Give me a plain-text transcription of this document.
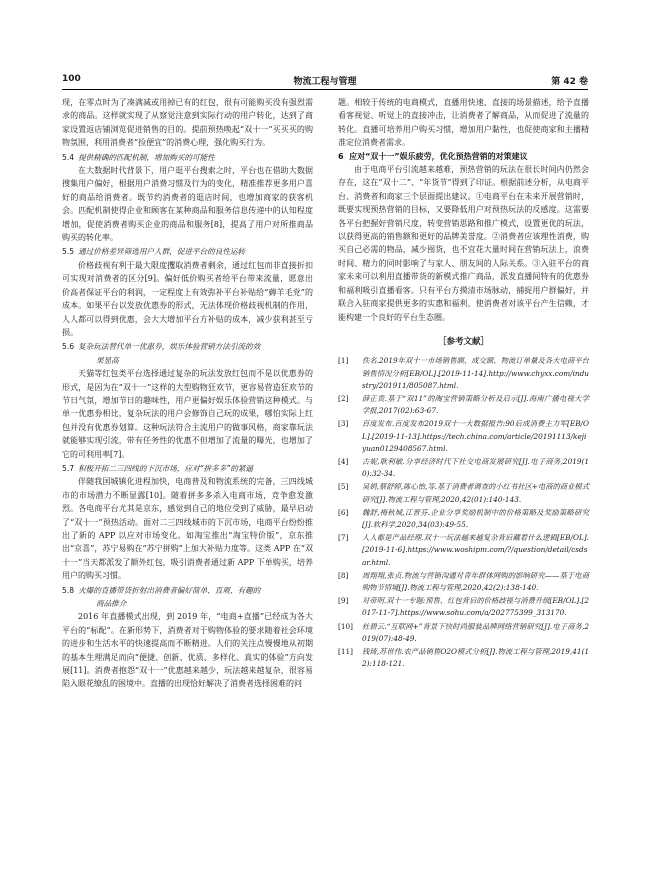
100	物流工程与管理	第 42 卷

现，在零点时为了凑满减或用掉已有的红包，很有可能购买没有强烈需求的商品。这样就实现了从察觉注意到实际行动的用户转化，达到了商家设置返店铺浏览促进销售的目的。提前预热唤起“双十一”买买买的购物氛围，利用消费者“捡便宜”的消费心理，强化购买行为。

5.4 提供精确的匹配机制，增加购买的可能性

在大数据时代背景下，用户逛平台搜索之时，平台也在借助大数据搜集用户偏好，根据用户消费习惯及行为的变化，精准推荐更多用户喜好的商品给消费者。既节约消费者的逛店时间，也增加商家的获客机会。匹配机制使得企业和顾客在某种商品和服务信息传递中的认知程度增加，促使消费者购买企业的商品和服务[8]，提高了用户对所推商品购买的转化率。

5.5 通过价格差异筛选用户人群，促进平台的良性运转

价格歧视有利于最大限度攫取消费者剩余，通过红包而非直接折扣可实现对消费者的区分[9]。偏好低价购买者给平台带来流量，愿意出价高者保证平台的利润，一定程度上有效弥补平台补贴给“薅羊毛党”的成本。如果平台以发放优惠券的形式，无法体现价格歧视机制的作用，人人都可以得到优惠，会大大增加平台方补贴的成本，减少获利甚至亏损。

5.6 复杂玩法替代单一优惠券，娱乐体验营销方法引流的效
果显高

天猫等红包类平台选择通过复杂的玩法发放红包而不是以优惠券的形式，是因为在“双十一”这样的大型购物狂欢节，更容易营造狂欢节的节日气氛，增加节日的趣味性，用户更偏好娱乐体验营销这种模式。与单一优惠券相比，复杂玩法的用户会修饰自己玩的成果，哪怕实际上红包并没有优惠券划算。这种玩法符合主流用户的做事风格，商家靠玩法就能够实现引流，带有任务性的优惠不但增加了流量的曝光，也增加了它的可利用率[7]。

5.7 积极开拓二三四线的下沉市场，应对“拼多多”的紧逼

伴随我国城镇化进程加快，电商普及和物流系统的完备，三四线城市的市场潜力不断显露[10]。随着拼多多杀入电商市场，竞争愈发激烈。各电商平台尤其是京东，感觉到自己的地位受到了威胁，最早启动了“双十一”预热活动。面对二三四线城市的下沉市场，电商平台纷纷推出了新的 APP 以应对市场变化。如淘宝推出“淘宝特价版”，京东推出“京喜”，苏宁易购在“苏宁拼购”上加大补贴力度等。这类 APP 在“双十一”当天都派发了额外红包，吸引消费者通过新 APP 下单购买，培养用户的购买习惯。

5.8 火爆的直播带货折射出消费者偏好简单、直观、有趣的
商品推介

2016 年直播模式出现，到 2019 年，“电商+直播”已经成为各大平台的“标配”。在新形势下，消费者对于购物体验的要求随着社会环境的进步和生活水平的快速提高而不断精进。人们的关注点慢慢地从初期的基本生理满足而向“便捷、创新、优质、多样化、真实的体验”方向发展[11]。消费者抱怨“双十一”优惠越来越少，玩法越来越复杂，很容易陷入眼花缭乱的困境中。直播的出现恰好解决了消费者选择困难的问

题。相较于传统的电商模式，直播用快速、直接的场景描述，给予直播看客视觉、听觉上的直接冲击，让消费者了解商品，从而促进了流量的转化。直播可培养用户购买习惯，增加用户黏性，也促使商家和主播精准定位消费者需求。

6 应对“双十一”娱乐疲劳，优化预热营销的对策建议

由于电商平台引流越来越难，预热营销的玩法在很长时间内仍然会存在，这在“双十二”、“年货节”得到了印证。根据前述分析，从电商平台、消费者和商家三个层面提出建议。①电商平台在未来开展营销时，既要实现预热营销的目标，又要降低用户对预热玩法的反感度。这需要各平台把握好营销尺度，转变营销思路和推广模式，设置更优的玩法，以获得更高的销售额和更好的品牌美誉度。②消费者应该理性消费，购买自己必需的物品，减少囤货，也不宜花大量时间在营销玩法上，浪费时间、精力的同时影响了与家人、朋友间的人际关系。③入驻平台的商家未来可以利用直播带货的新模式推广商品，派发直播间特有的优惠券和福利吸引直播看客。只有平台方摸清市场脉动，捕捉用户群偏好，并联合入驻商家提供更多的实惠和福利，使消费者对该平台产生信赖，才能构建一个良好的平台生态圈。

［参考文献］
[1]	佚名.2019年双十一市场销售额、成交额、物流订单量及各大电商平台销售情况分析[EB/OL].[2019-11-14].http://www.chyxx.com/industry/201911/805087.html.
[2]	薛正贵.基于“双11”的淘宝营销策略分析及启示[J].海南广播电视大学学报,2017(02):63-67.
[3]	百度发布.百度发布2019双十一大数据报告:90后成消费主力军[EB/OL].[2019-11-13].https://tech.china.com/article/20191113/kejiyuan0129408567.html.
[4]	古妮,耿利敏.分享经济时代下社交电商发展研究[J].电子商务,2019(10):32-34.
[5]	吴娟,蔡舒婷,陈心怡,等.基于消费者调查的小红书社区+电商的商业模式研究[J].物流工程与管理,2020,42(01):140-143.
[6]	魏舒,梅秋城,江晋芬.企业分享奖励机制中的价格策略及奖励策略研究[J].软科学,2020,34(03):49-55.
[7]	人人都是产品经理.双十一玩法越来越复杂背后藏着什么逻辑[EB/OL].[2019-11-6].https://www.woshipm.com/?/question/detail/csdsar.html.
[8]	周翔翔,张贞.物流与营销沟通对青年群体网购的影响研究——基于电商购物节情境[J].物流工程与管理,2020,42(2):138-140.
[9]	对帝明.双十一专题:预售、红包背后的价格歧视与消费升级[EB/OL].[2017-11-7].https://www.sohu.com/a/202775399_313170.
[10]	杜碧云.“互联网+”背景下快时尚服装品牌网络营销研究[J].电子商务,2019(07):48-49.
[11]	钱琦,苏世伟.农产品销售O2O模式分析[J].物流工程与管理,2019,41(12):118-121.
